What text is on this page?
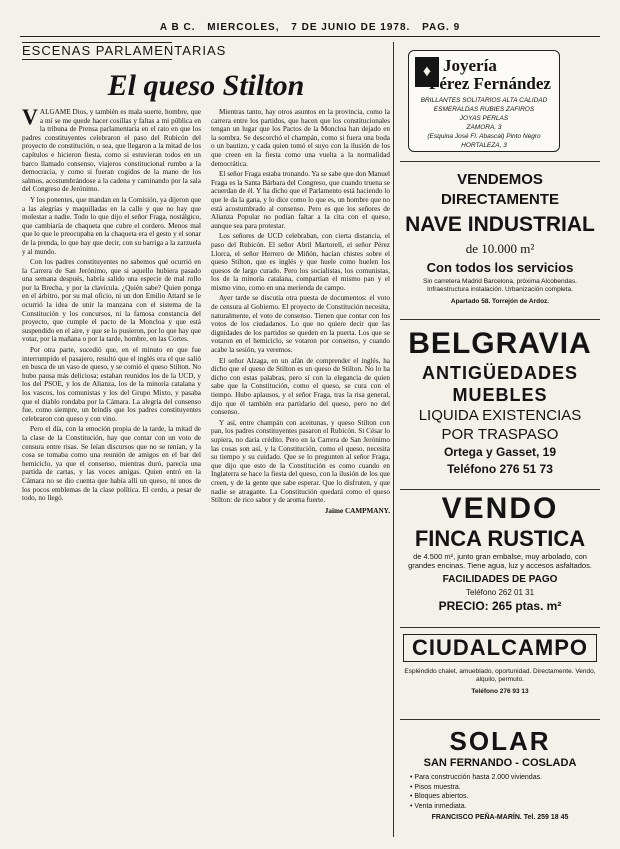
A B C. MIERCOLES, 7 DE JUNIO DE 1978. PAG. 9
ESCENAS PARLAMENTARIAS
El queso Stilton

VALGAME Dios, y también es mala suerte, hombre, que a mí se me quede hacer cosillas y faltas a mi pública en la tribuna de Prensa parlamentaria en el rato en que los padres constituyentes celebraron el paso del Rubicón del proyecto de constitución, o sea, que llegaron a la mitad de los capítulos e hicieron fiesta, como si estuvieran todos en un barco llamado consenso, viajeros constitucional rumbo a la democracia, y como si fueran cogidos de la mano de los salmos, acostumbrándose a la cadena y caminando por la sala del Congreso de Jerónimo.

Y los ponentes, que mandan en la Comisión, ya dijeron que a las alegrías y maquilladas en la calle y que no hay que molestar a nadie. Todo lo que dijo el señor Fraga, nostálgico, que cambiaría de chaqueta que cubre el cordero. Menos mal que lo que le preocupaba en la chaqueta era el gesto y el sonar de la prenda, lo que hay que decir, con su barriga a la zarzuela y al mundo.

Con los padres constituyentes no sabemos qué ocurrió en la Carrera de San Jerónimo, que si aquello hubiera pasado una semana después, habría salido una especie de mal rollo por la Brecha, y por la clavícula. ¿Quién sabe? Quien ponga en el árbitro, por su mal oficio, ni un don Emilio Attard se le ocurrió la idea de unir la manzana con el sistema de la Constitución y los concursos, ni la famosa constancia del proyecto, que cumple el pacto de la Moncloa y que está suspendido en el aire, y que se lo pusieron, por lo que hay que votar, por la mañana o por la tarde, hombre, en las Cortes.

Por otra parte, sucedió que, en el minuto en que fue interrumpido el pasajero, resultó que el inglés era el que salió en busca de un vaso de queso, y se comió el queso Stilton. No hubo pausa más deliciosa; estaban reunidos los de la UCD, y los del PSOE, y los de Alianza, los de la minoría catalana y los vascos, los comunistas y los del Grupo Mixto, y pasaba que el diablo rondaba por la Cámara. La alegría del consenso fue, como siempre, un brindis que los padres constituyentes celebraron con queso y con vino.

Pero el día, con la emoción propia de la tarde, la mitad de la clase de la Constitución, hay que contar con un voto de censura entre risas. Se leían discursos que no se tenían, y la cosa se tomaba como una reunión de amigos en el bar del hemiciclo, ya que el consenso, mientras duró, parecía una partida de cartas, y las voces amigas. Quien entró en la Cámara no se dio cuenta que había allí un queso, ni unos de los pocos emblemas de la clase política. El cerdo, a pesar de todo, no llegó.

Mientras tanto, hay otros asuntos en la provincia, como la carrera entre los partidos, que hacen que los constitucionales tengan un lugar que los Pactos de la Moncloa han dejado en la sombra. Se descorchó el champán, como si fuera una boda o un bautizo, y cada quien tomó el suyo con la ilusión de los que creen en la fiesta como una vuelta a la normalidad democrática.

El señor Fraga estaba tronando. Ya se sabe que don Manuel Fraga es la Santa Bárbara del Congreso, que cuando truena se acuerdan de él. Y ha dicho que el Parlamento está haciendo lo que le da la gana, y lo dice como lo que es, un hombre que no está acostumbrado al consenso. Pero es que los señores de Alianza Popular no podían faltar a la cita con el queso, aunque sea para protestar.

Los señores de UCD celebraban, con cierta distancia, el paso del Rubicón. El señor Abril Martorell, el señor Pérez Llorca, el señor Herrero de Miñón, hacían chistes sobre el queso Stilton, que es inglés y que huele como huelen los quesos de largo curado. Pero los socialistas, los comunistas, los de la minoría catalana, compartían el mismo pan y el mismo vino, como en una merienda de campo.

Ayer tarde se discutía otra puesta de documentos: el voto de censura al Gobierno. El proyecto de Constitución necesita, naturalmente, el voto de consenso. Tienen que contar con los votos de los ciudadanos. Lo que no quiere decir que las dignidades de los partidos se queden en la puerta. Los que se votaron en el hemiciclo, se votaron por consenso, y cuando acabe la sesión, ya veremos.

El señor Alzaga, en un afán de comprender el inglés, ha dicho que el queso de Stilton es un queso de Stilton. No lo ha dicho con estas palabras, pero sí con la elegancia de quien sabe que la Constitución, como el queso, se cura con el tiempo. Hubo aplausos, y el señor Fraga, tras la risa general, dijo que él también era partidario del queso, pero no del consenso.

Y así, entre champán con aceitunas, y queso Stilton con pan, los padres constituyentes pasaron el Rubicón. Si César lo supiera, no daría crédito. Pero en la Carrera de San Jerónimo las cosas son así, y la Constitución, como el queso, necesita su tiempo y su cuidado. Que se lo pregunten al señor Fraga, que dijo que esto de la Constitución es como cuando en Inglaterra se hace la fiesta del queso, con la ilusión de los que creen, y de la gente que sabe esperar. Que lo disfruten, y que nadie se atragante. La Constitución quedará como el queso Stilton: de rico sabor y de aroma fuerte.

Jaime CAMPMANY.

♦ Joyería
Pérez Fernández
BRILLANTES SOLITARIOS ALTA CALIDAD
ESMERALDAS RUBIES ZAFIROS
JOYAS PERLAS
ZAMORA, 3
(Esquina José Fl. Abascal) Pinto Negro
HORTALEZA, 3
VENDEMOS DIRECTAMENTE
NAVE INDUSTRIAL
de 10.000 m²
Con todos los servicios
Sin carretera Madrid Barcelona, próxima Alcobendas. Infraestructura instalación. Urbanización completa.
Apartado 58. Torrejón de Ardoz.
BELGRAVIA
ANTIGÜEDADES
MUEBLES
LIQUIDA EXISTENCIAS
POR TRASPASO
Ortega y Gasset, 19
Teléfono 276 51 73
VENDO
FINCA RUSTICA
de 4.500 m², junto gran embalse, muy arbolado, con grandes encinas. Tiene agua, luz y accesos asfaltados.
FACILIDADES DE PAGO
Teléfono 262 01 31
PRECIO: 265 ptas. m²
CIUDALCAMPO
Espléndido chalet, amueblado, oportunidad. Directamente. Vendo, alquilo, permuto.
Teléfono 276 93 13
SOLAR
SAN FERNANDO - COSLADA
• Para construcción hasta 2.000 viviendas.
• Pisos muestra.
• Bloques abiertos.
• Venta inmediata.
FRANCISCO PEÑA-MARÍN. Tel. 259 18 45
